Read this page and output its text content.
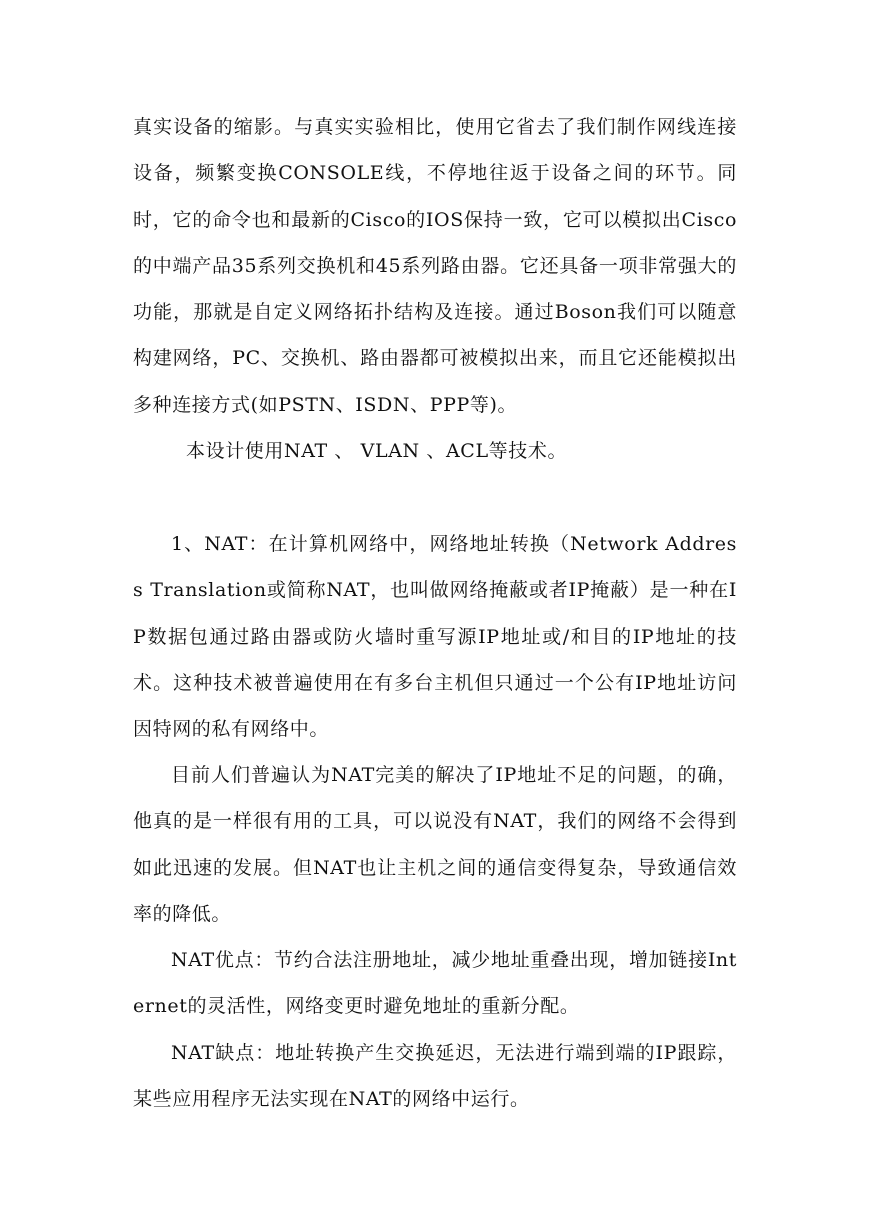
真实设备的缩影。与真实实验相比，使用它省去了我们制作网线连接设备，频繁变换CONSOLE线，不停地往返于设备之间的环节。同时，它的命令也和最新的Cisco的IOS保持一致，它可以模拟出Cisco的中端产品35系列交换机和45系列路由器。它还具备一项非常强大的功能，那就是自定义网络拓扑结构及连接。通过Boson我们可以随意构建网络，PC、交换机、路由器都可被模拟出来，而且它还能模拟出多种连接方式(如PSTN、ISDN、PPP等)。

本设计使用NAT 、 VLAN 、ACL等技术。

1、NAT：在计算机网络中，网络地址转换（Network Address Translation或简称NAT，也叫做网络掩蔽或者IP掩蔽）是一种在IP数据包通过路由器或防火墙时重写源IP地址或/和目的IP地址的技术。这种技术被普遍使用在有多台主机但只通过一个公有IP地址访问因特网的私有网络中。

目前人们普遍认为NAT完美的解决了IP地址不足的问题，的确，他真的是一样很有用的工具，可以说没有NAT，我们的网络不会得到如此迅速的发展。但NAT也让主机之间的通信变得复杂，导致通信效率的降低。

NAT优点：节约合法注册地址，减少地址重叠出现，增加链接Internet的灵活性，网络变更时避免地址的重新分配。

NAT缺点：地址转换产生交换延迟，无法进行端到端的IP跟踪，某些应用程序无法实现在NAT的网络中运行。
